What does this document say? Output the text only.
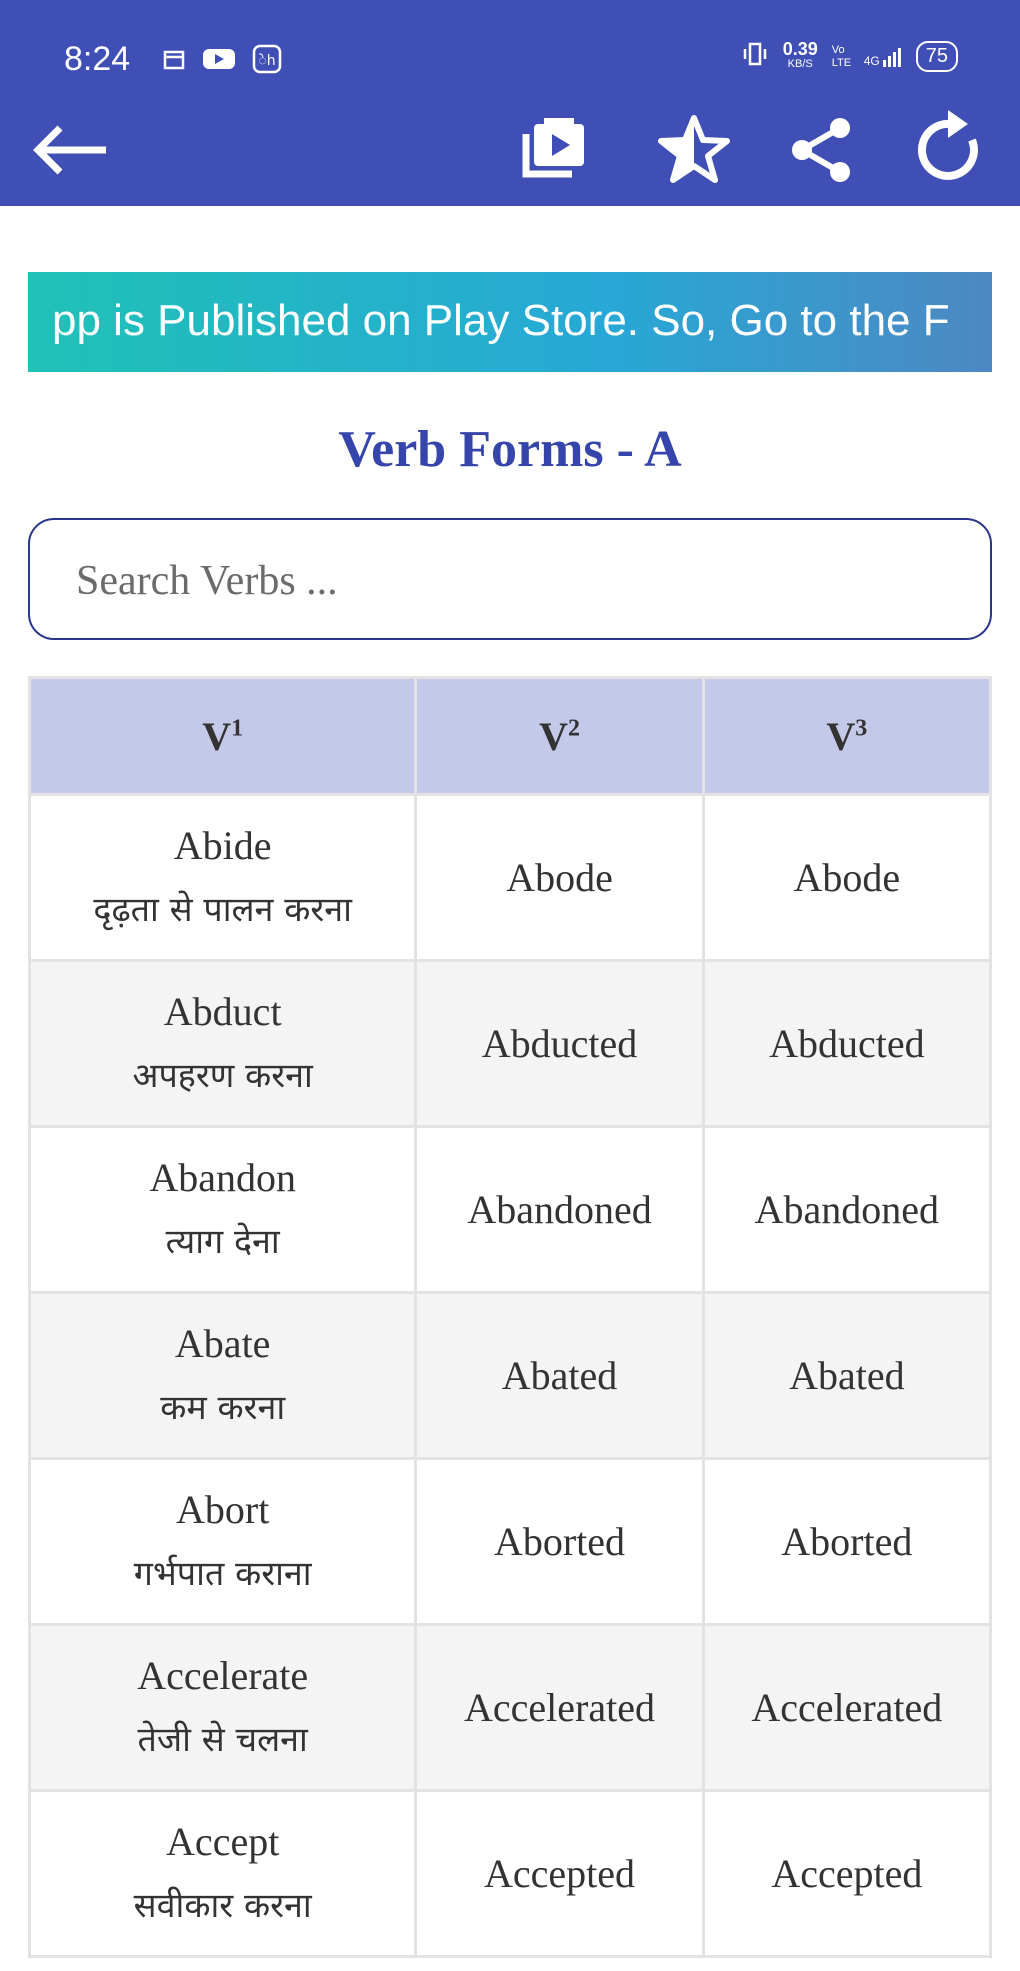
8:24	ेh
0.39
KB/S
Vo LTE 4G	75
pp is Published on Play Store. So, Go to the F
Verb Forms - A
Search Verbs ...
$V^1$	$V^2$	$V^3$

Abide
दृढ़ता से पालन करना	Abode	Abode

Abduct
अपहरण करना	Abducted	Abducted

Abandon
त्याग देना	Abandoned	Abandoned

Abate
कम करना	Abated	Abated

Abort
गर्भपात कराना	Aborted	Aborted

Accelerate
तेजी से चलना	Accelerated	Accelerated

Accept
सवीकार करना	Accepted	Accepted
